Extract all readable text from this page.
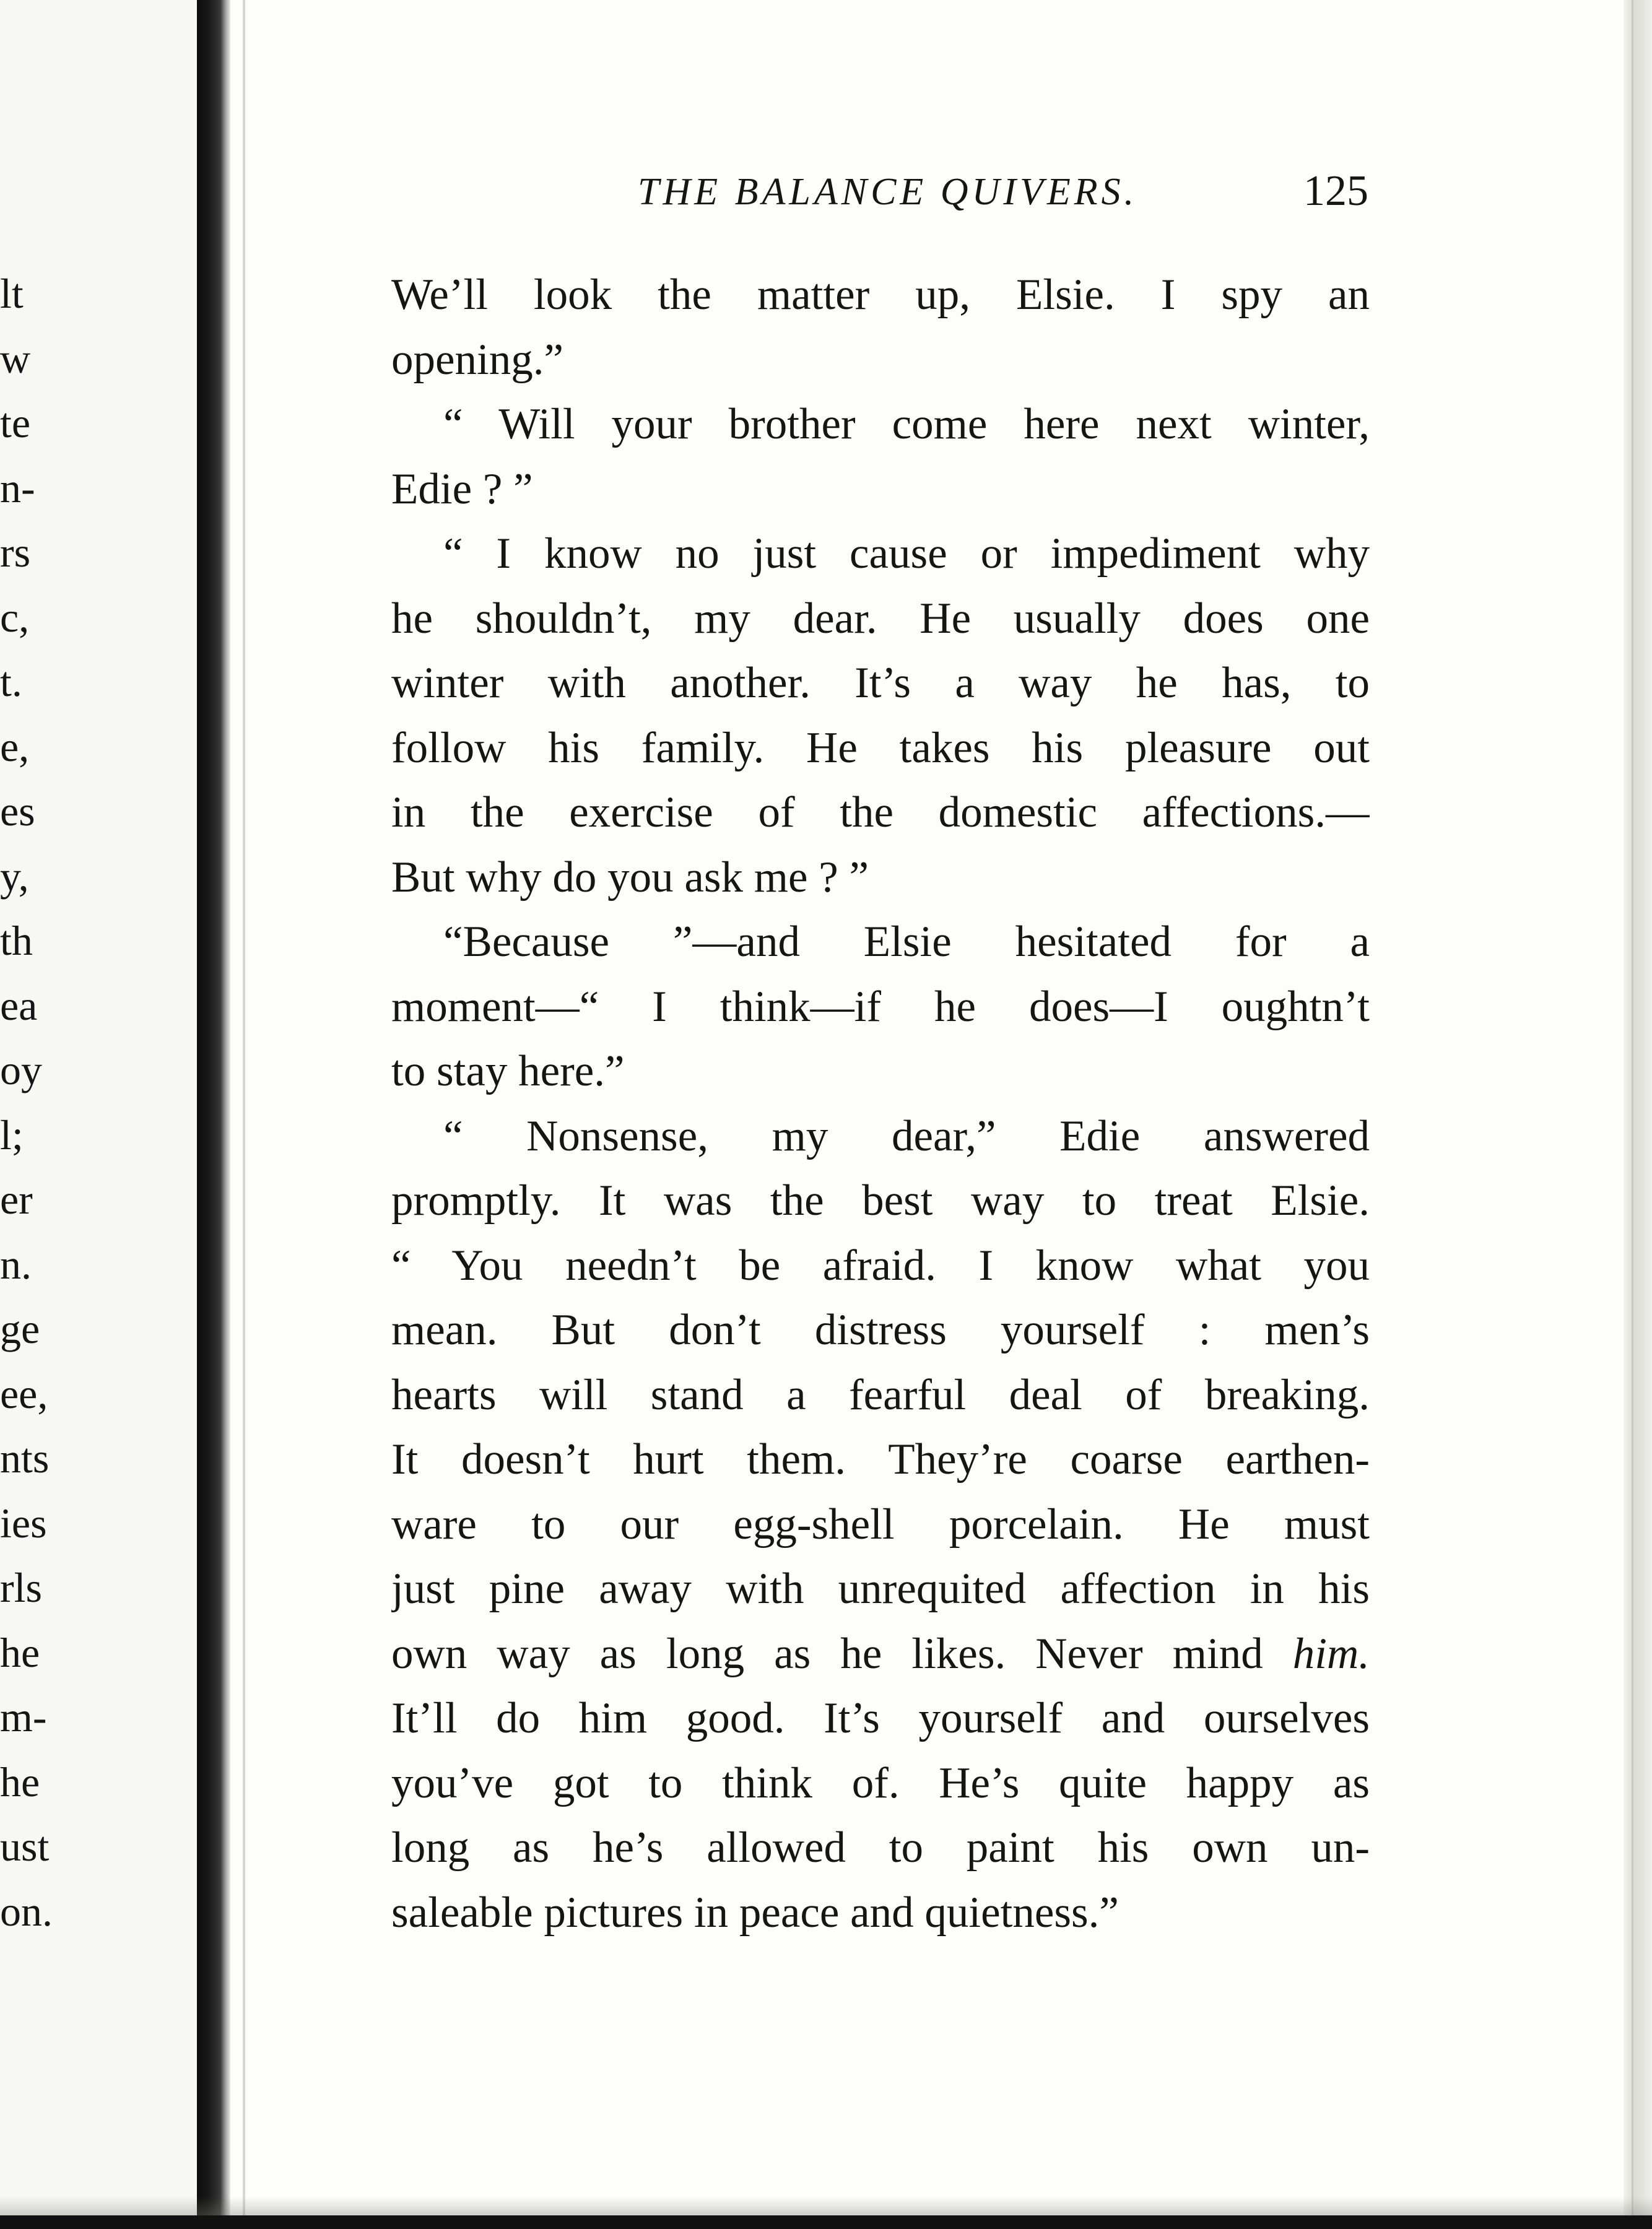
lt
w
te
n-
rs
c,
t.
e,
es
y,
th
ea
oy
l;
er
n.
ge
ee,
nts
ies
rls
he
m-
he
ust
on.
THE BALANCE QUIVERS.	125
We’ll look the matter up, Elsie. I spy an
opening.”
“ Will your brother come here next winter,
Edie ? ”
“ I know no just cause or impediment why
he shouldn’t, my dear. He usually does one
winter with another. It’s a way he has, to
follow his family. He takes his pleasure out
in the exercise of the domestic affections.—
But why do you ask me ? ”
“Because ”—and Elsie hesitated for a
moment—“ I think—if he does—I oughtn’t
to stay here.”
“ Nonsense, my dear,” Edie answered
promptly. It was the best way to treat Elsie.
“ You needn’t be afraid. I know what you
mean. But don’t distress yourself : men’s
hearts will stand a fearful deal of breaking.
It doesn’t hurt them. They’re coarse earthen-
ware to our egg-shell porcelain. He must
just pine away with unrequited affection in his
own way as long as he likes. Never mind him.
It’ll do him good. It’s yourself and ourselves
you’ve got to think of. He’s quite happy as
long as he’s allowed to paint his own un-
saleable pictures in peace and quietness.”
